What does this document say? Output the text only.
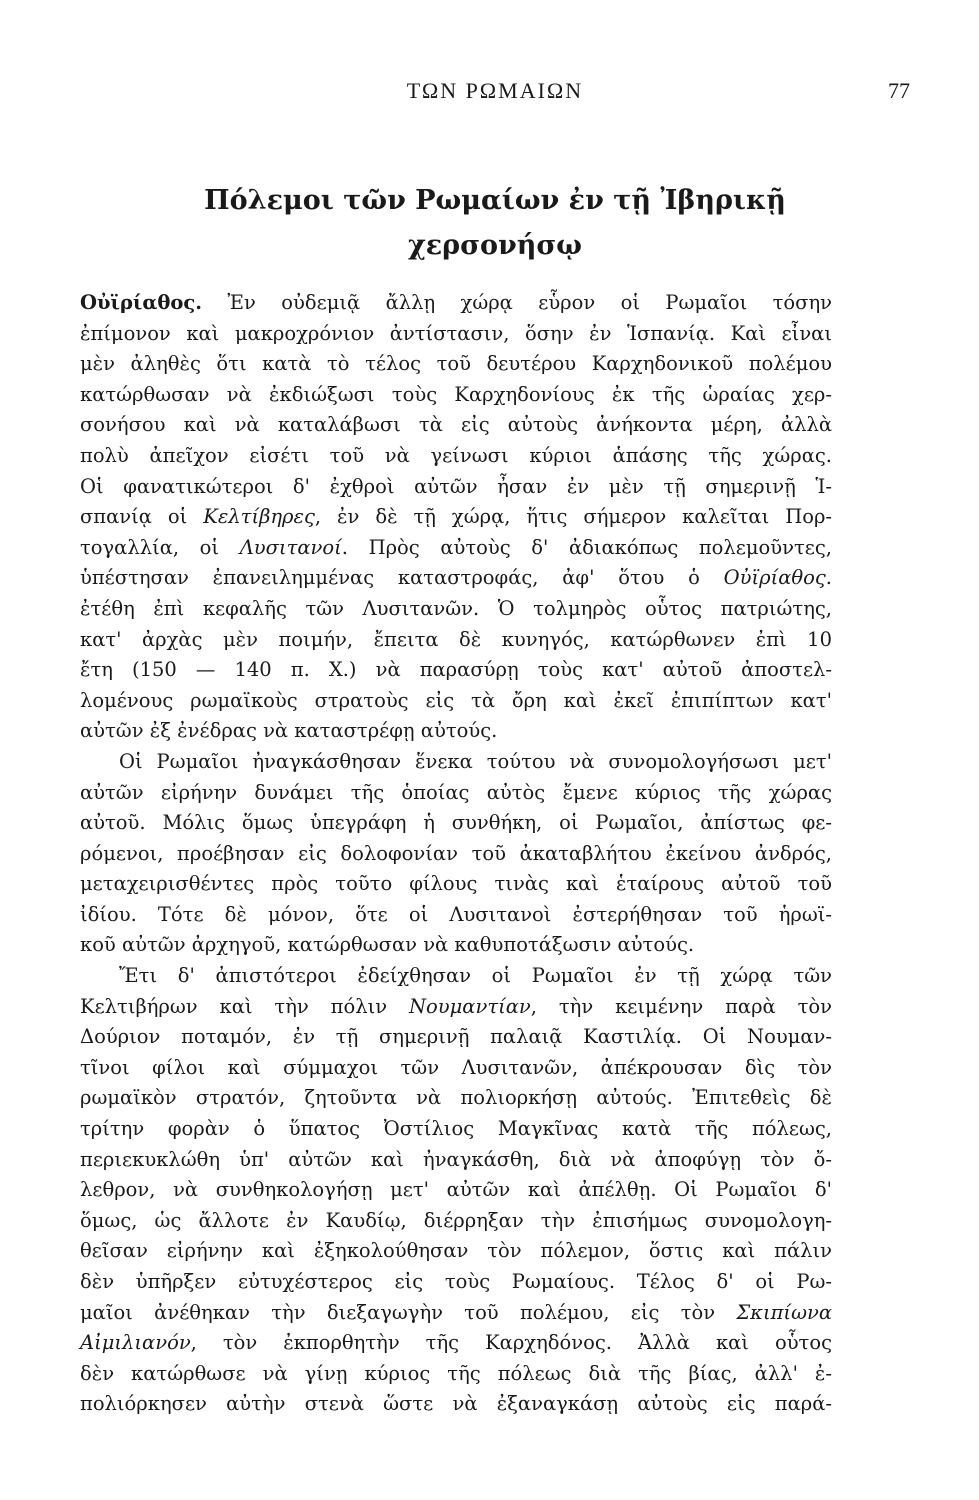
ΤΩΝ ΡΩΜΑΙΩΝ	77
Πόλεμοι τῶν Ρωμαίων ἐν τῇ Ἰβηρικῇ
χερσονήσῳ
Οὐϊρίαθος. Ἐν οὐδεμιᾷ ἄλλῃ χώρᾳ εὗρον οἱ Ρωμαῖοι τόσην
ἐπίμονον καὶ μακροχρόνιον ἀντίστασιν, ὅσην ἐν Ἱσπανίᾳ. Καὶ εἶναι
μὲν ἀληθὲς ὅτι κατὰ τὸ τέλος τοῦ δευτέρου Καρχηδονικοῦ πολέμου
κατώρθωσαν νὰ ἐκδιώξωσι τοὺς Καρχηδονίους ἐκ τῆς ὡραίας χερ-
σονήσου καὶ νὰ καταλάβωσι τὰ εἰς αὐτοὺς ἀνήκοντα μέρη, ἀλλὰ
πολὺ ἀπεῖχον εἰσέτι τοῦ νὰ γείνωσι κύριοι ἁπάσης τῆς χώρας.
Οἱ φανατικώτεροι δ' ἐχθροὶ αὐτῶν ἦσαν ἐν μὲν τῇ σημερινῇ Ἱ-
σπανίᾳ οἱ Κελτίβηρες, ἐν δὲ τῇ χώρᾳ, ἥτις σήμερον καλεῖται Πορ-
τογαλλία, οἱ Λυσιτανοί. Πρὸς αὐτοὺς δ' ἀδιακόπως πολεμοῦντες,
ὑπέστησαν ἐπανειλημμένας καταστροφάς, ἀφ' ὅτου ὁ Οὐϊρίαθος.
ἐτέθη ἐπὶ κεφαλῆς τῶν Λυσιτανῶν. Ὁ τολμηρὸς οὗτος πατριώτης,
κατ' ἀρχὰς μὲν ποιμήν, ἔπειτα δὲ κυνηγός, κατώρθωνεν ἐπὶ 10
ἔτη (150 — 140 π. Χ.) νὰ παρασύρῃ τοὺς κατ' αὐτοῦ ἀποστελ-
λομένους ρωμαϊκοὺς στρατοὺς εἰς τὰ ὄρη καὶ ἐκεῖ ἐπιπίπτων κατ'
αὐτῶν ἐξ ἐνέδρας νὰ καταστρέφῃ αὐτούς.
Οἱ Ρωμαῖοι ἠναγκάσθησαν ἕνεκα τούτου νὰ συνομολογήσωσι μετ'
αὐτῶν εἰρήνην δυνάμει τῆς ὁποίας αὐτὸς ἔμενε κύριος τῆς χώρας
αὐτοῦ. Μόλις ὅμως ὑπεγράφη ἡ συνθήκη, οἱ Ρωμαῖοι, ἀπίστως φε-
ρόμενοι, προέβησαν εἰς δολοφονίαν τοῦ ἀκαταβλήτου ἐκείνου ἀνδρός,
μεταχειρισθέντες πρὸς τοῦτο φίλους τινὰς καὶ ἑταίρους αὐτοῦ τοῦ
ἰδίου. Τότε δὲ μόνον, ὅτε οἱ Λυσιτανοὶ ἐστερήθησαν τοῦ ἡρωϊ-
κοῦ αὐτῶν ἀρχηγοῦ, κατώρθωσαν νὰ καθυποτάξωσιν αὐτούς.
Ἔτι δ' ἀπιστότεροι ἐδείχθησαν οἱ Ρωμαῖοι ἐν τῇ χώρᾳ τῶν
Κελτιβήρων καὶ τὴν πόλιν Νουμαντίαν, τὴν κειμένην παρὰ τὸν
Δούριον ποταμόν, ἐν τῇ σημερινῇ παλαιᾷ Καστιλίᾳ. Οἱ Νουμαν-
τῖνοι φίλοι καὶ σύμμαχοι τῶν Λυσιτανῶν, ἀπέκρουσαν δὶς τὸν
ρωμαϊκὸν στρατόν, ζητοῦντα νὰ πολιορκήσῃ αὐτούς. Ἐπιτεθεὶς δὲ
τρίτην φορὰν ὁ ὕπατος Ὀστίλιος Μαγκῖνας κατὰ τῆς πόλεως,
περιεκυκλώθη ὑπ' αὐτῶν καὶ ἠναγκάσθη, διὰ νὰ ἀποφύγῃ τὸν ὄ-
λεθρον, νὰ συνθηκολογήσῃ μετ' αὐτῶν καὶ ἀπέλθῃ. Οἱ Ρωμαῖοι δ'
ὅμως, ὡς ἄλλοτε ἐν Καυδίῳ, διέρρηξαν τὴν ἐπισήμως συνομολογη-
θεῖσαν εἰρήνην καὶ ἐξηκολούθησαν τὸν πόλεμον, ὅστις καὶ πάλιν
δὲν ὑπῆρξεν εὐτυχέστερος εἰς τοὺς Ρωμαίους. Τέλος δ' οἱ Ρω-
μαῖοι ἀνέθηκαν τὴν διεξαγωγὴν τοῦ πολέμου, εἰς τὸν Σκιπίωνα
Αἰμιλιανόν, τὸν ἐκπορθητὴν τῆς Καρχηδόνος. Ἀλλὰ καὶ οὗτος
δὲν κατώρθωσε νὰ γίνῃ κύριος τῆς πόλεως διὰ τῆς βίας, ἀλλ' ἐ-
πολιόρκησεν αὐτὴν στενὰ ὥστε νὰ ἐξαναγκάσῃ αὐτοὺς εἰς παρά-
